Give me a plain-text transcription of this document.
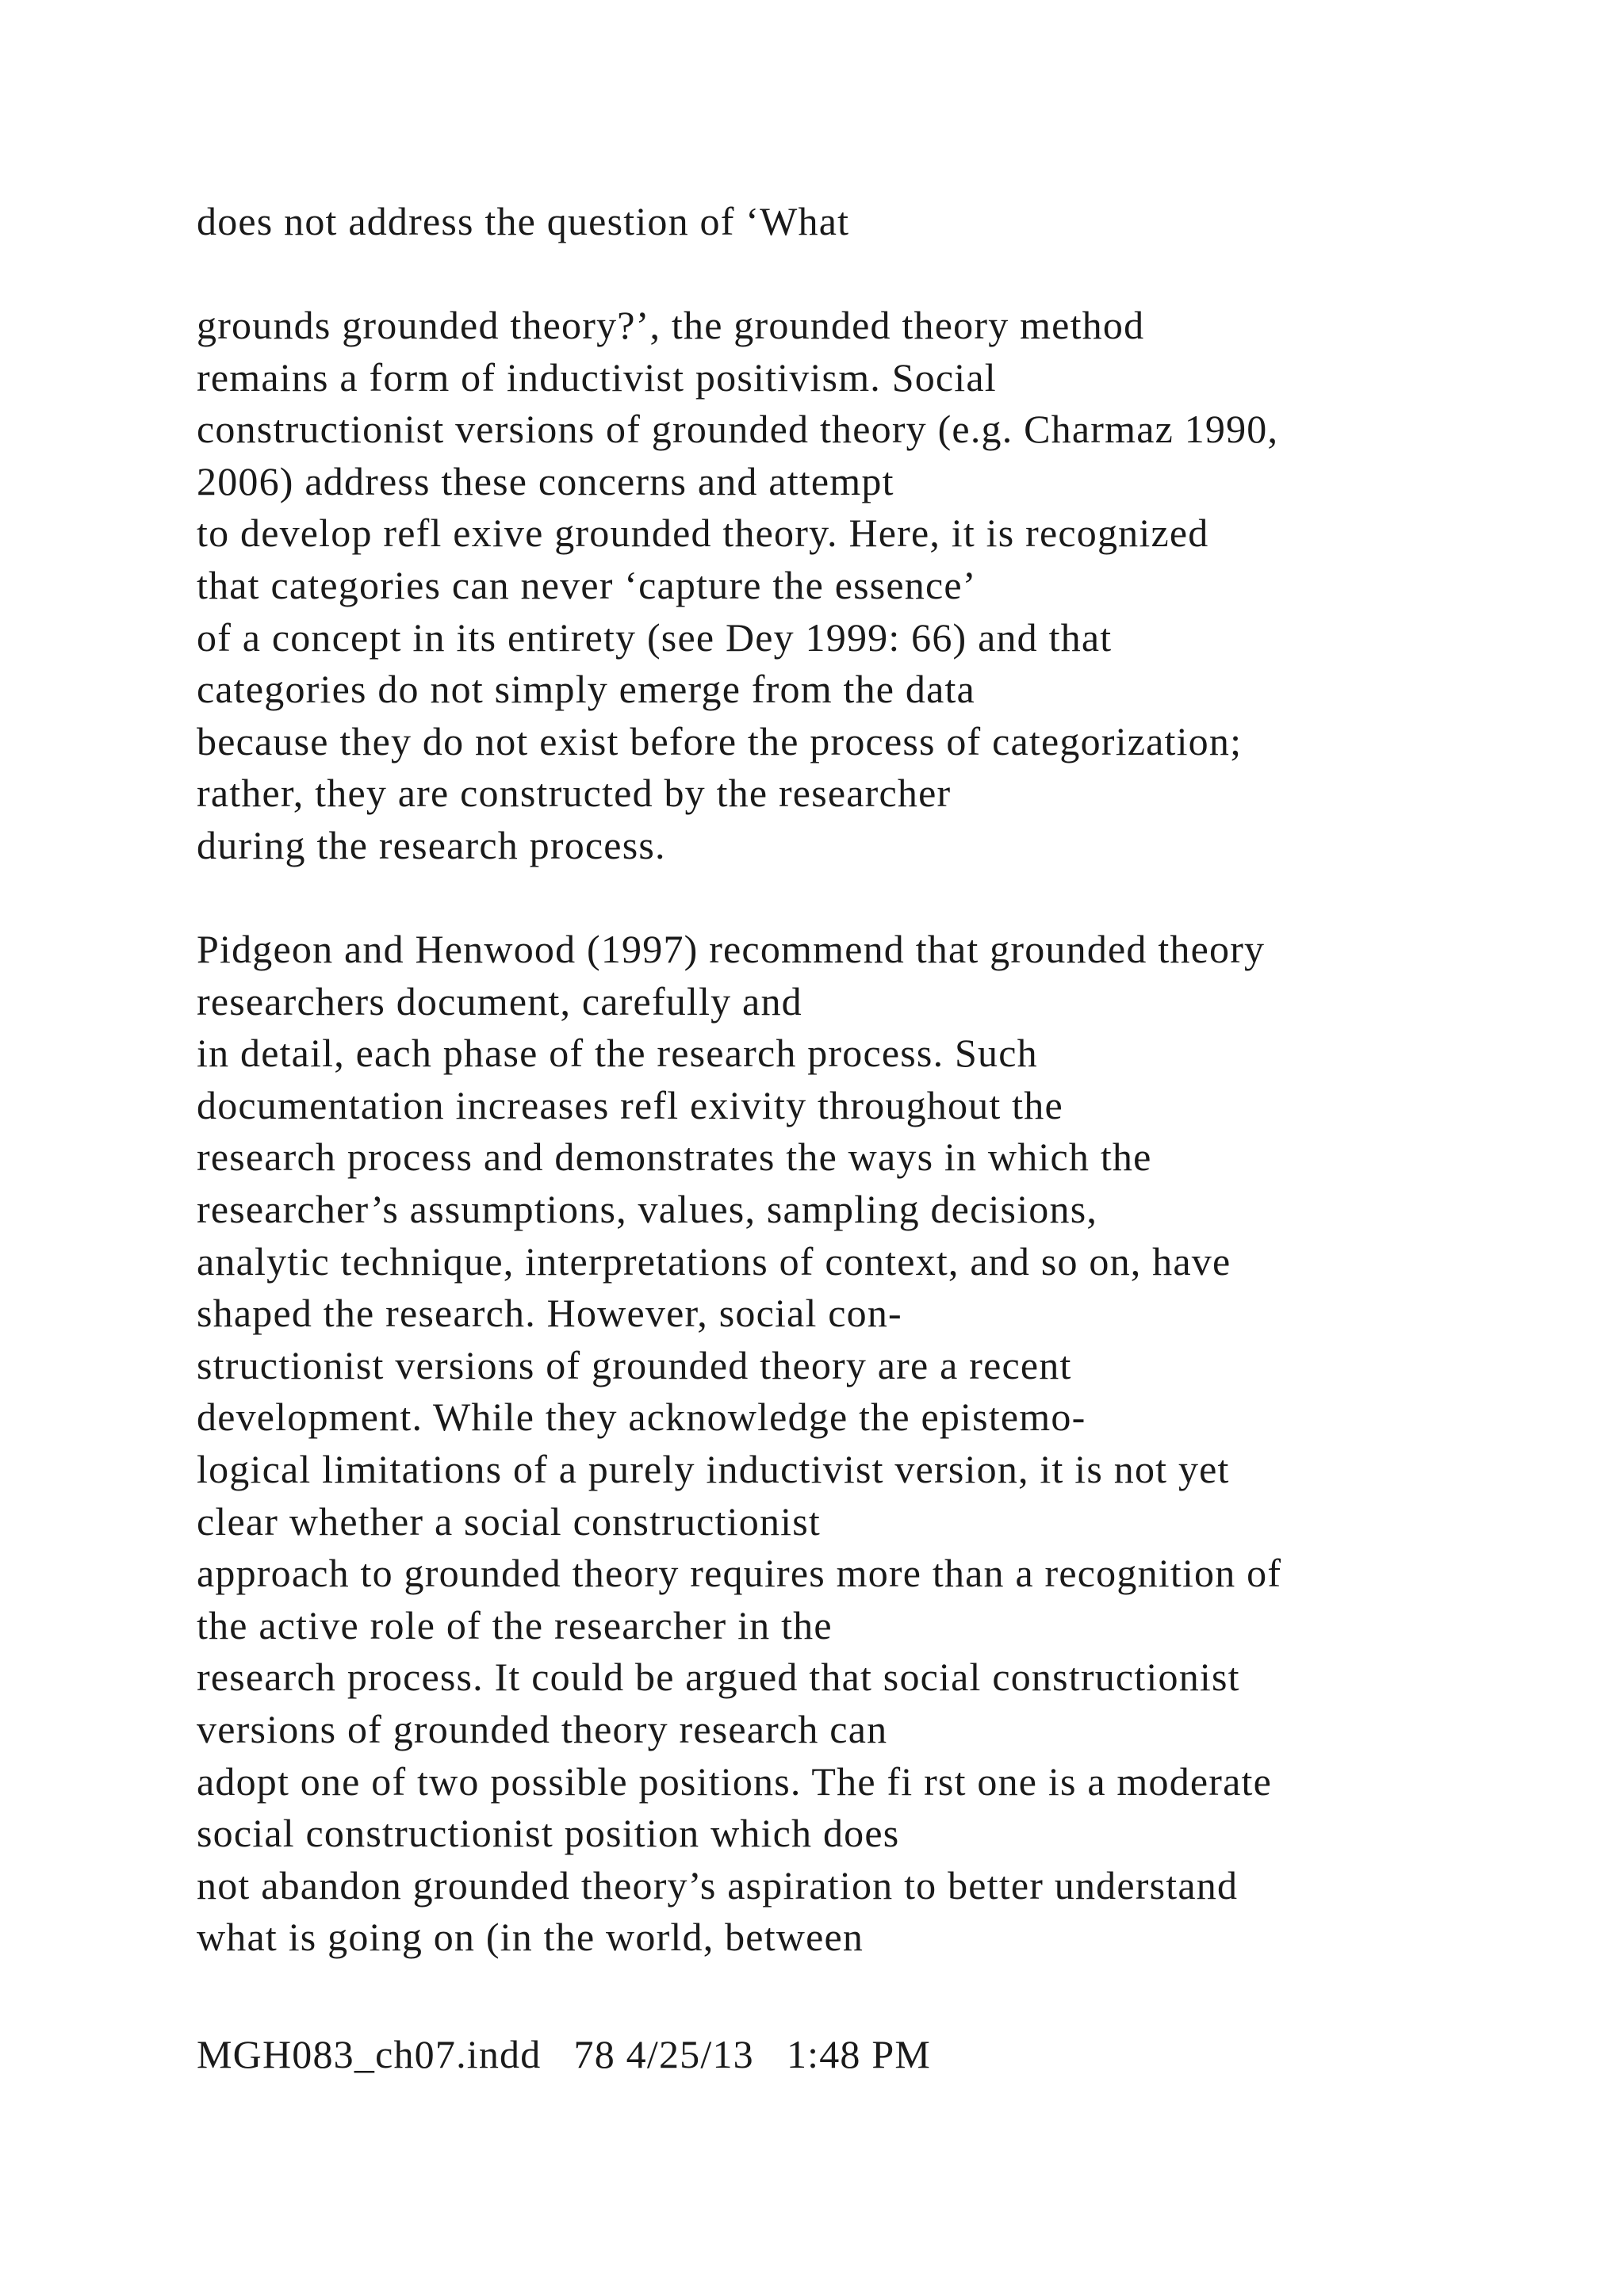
does not address the question of ‘What

grounds grounded theory?’, the grounded theory method
remains a form of inductivist positivism. Social
constructionist versions of grounded theory (e.g. Charmaz 1990,
2006) address these concerns and attempt
to develop refl exive grounded theory. Here, it is recognized
that categories can never ‘capture the essence’
of a concept in its entirety (see Dey 1999: 66) and that
categories do not simply emerge from the data
because they do not exist before the process of categorization;
rather, they are constructed by the researcher
during the research process.

Pidgeon and Henwood (1997) recommend that grounded theory
researchers document, carefully and
in detail, each phase of the research process. Such
documentation increases refl exivity throughout the
research process and demonstrates the ways in which the
researcher’s assumptions, values, sampling decisions,
analytic technique, interpretations of context, and so on, have
shaped the research. However, social con-
structionist versions of grounded theory are a recent
development. While they acknowledge the epistemo-
logical limitations of a purely inductivist version, it is not yet
clear whether a social constructionist
approach to grounded theory requires more than a recognition of
the active role of the researcher in the
research process. It could be argued that social constructionist
versions of grounded theory research can
adopt one of two possible positions. The fi rst one is a moderate
social constructionist position which does
not abandon grounded theory’s aspiration to better understand
what is going on (in the world, between

MGH083_ch07.indd   78 4/25/13   1:48 PM
